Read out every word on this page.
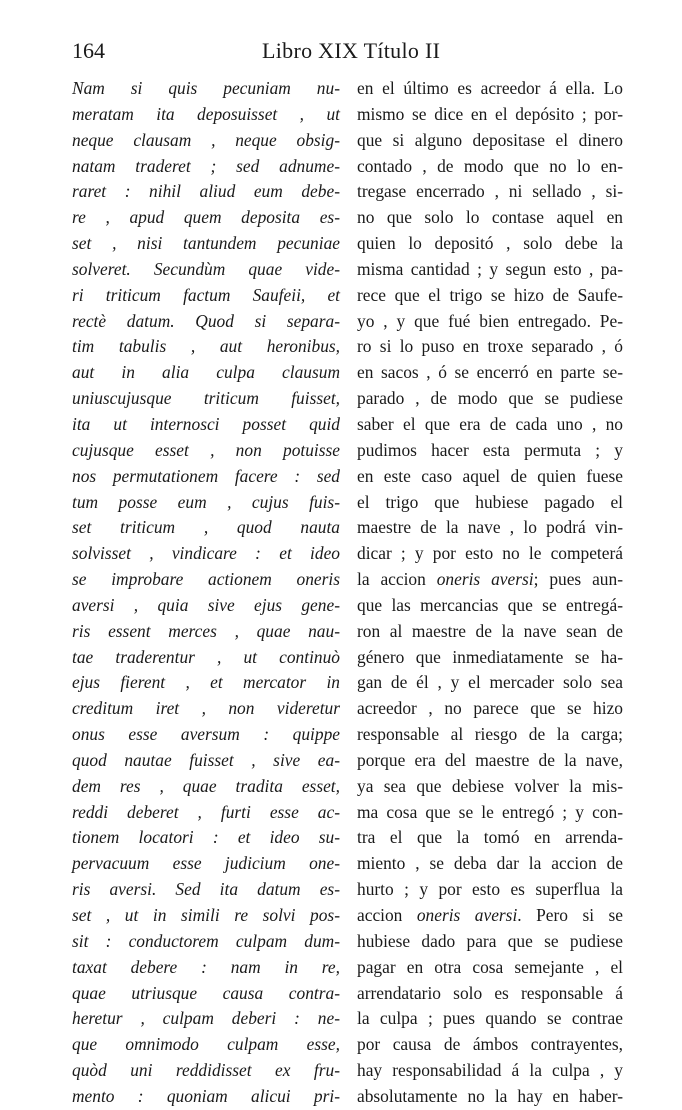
164	Libro XIX Título II
Nam si quis pecuniam nu-
meratam ita deposuisset , ut
neque clausam , neque obsig-
natam traderet ; sed adnume-
raret : nihil aliud eum debe-
re , apud quem deposita es-
set , nisi tantundem pecuniae
solveret. Secundùm quae vide-
ri triticum factum Saufeii, et
rectè datum. Quod si separa-
tim tabulis , aut heronibus,
aut in alia culpa clausum
uniuscujusque triticum fuisset,
ita ut internosci posset quid
cujusque esset , non potuisse
nos permutationem facere : sed
tum posse eum , cujus fuis-
set triticum , quod nauta
solvisset , vindicare : et ideo
se improbare actionem oneris
aversi , quia sive ejus gene-
ris essent merces , quae nau-
tae traderentur , ut continuò
ejus fierent , et mercator in
creditum iret , non videretur
onus esse aversum : quippe
quod nautae fuisset , sive ea-
dem res , quae tradita esset,
reddi deberet , furti esse ac-
tionem locatori : et ideo su-
pervacuum esse judicium one-
ris aversi. Sed ita datum es-
set , ut in simili re solvi pos-
sit : conductorem culpam dum-
taxat debere : nam in re,
quae utriusque causa contra-
heretur , culpam deberi : ne-
que omnimodo culpam esse,
quòd uni reddidisset ex fru-
mento : quoniam alicui pri-
en el último es acreedor á ella. Lo
mismo se dice en el depósito ; por-
que si alguno depositase el dinero
contado , de modo que no lo en-
tregase encerrado , ni sellado , si-
no que solo lo contase aquel en
quien lo depositó , solo debe la
misma cantidad ; y segun esto , pa-
rece que el trigo se hizo de Saufe-
yo , y que fué bien entregado. Pe-
ro si lo puso en troxe separado , ó
en sacos , ó se encerró en parte se-
parado , de modo que se pudiese
saber el que era de cada uno , no
pudimos hacer esta permuta ; y
en este caso aquel de quien fuese
el trigo que hubiese pagado el
maestre de la nave , lo podrá vin-
dicar ; y por esto no le competerá
la accion oneris aversi; pues aun-
que las mercancias que se entregá-
ron al maestre de la nave sean de
género que inmediatamente se ha-
gan de él , y el mercader solo sea
acreedor , no parece que se hizo
responsable al riesgo de la carga;
porque era del maestre de la nave,
ya sea que debiese volver la mis-
ma cosa que se le entregó ; y con-
tra el que la tomó en arrenda-
miento , se deba dar la accion de
hurto ; y por esto es superflua la
accion oneris aversi. Pero si se
hubiese dado para que se pudiese
pagar en otra cosa semejante , el
arrendatario solo es responsable á
la culpa ; pues quando se contrae
por causa de ámbos contrayentes,
hay responsabilidad á la culpa , y
absolutamente no la hay en haber-
